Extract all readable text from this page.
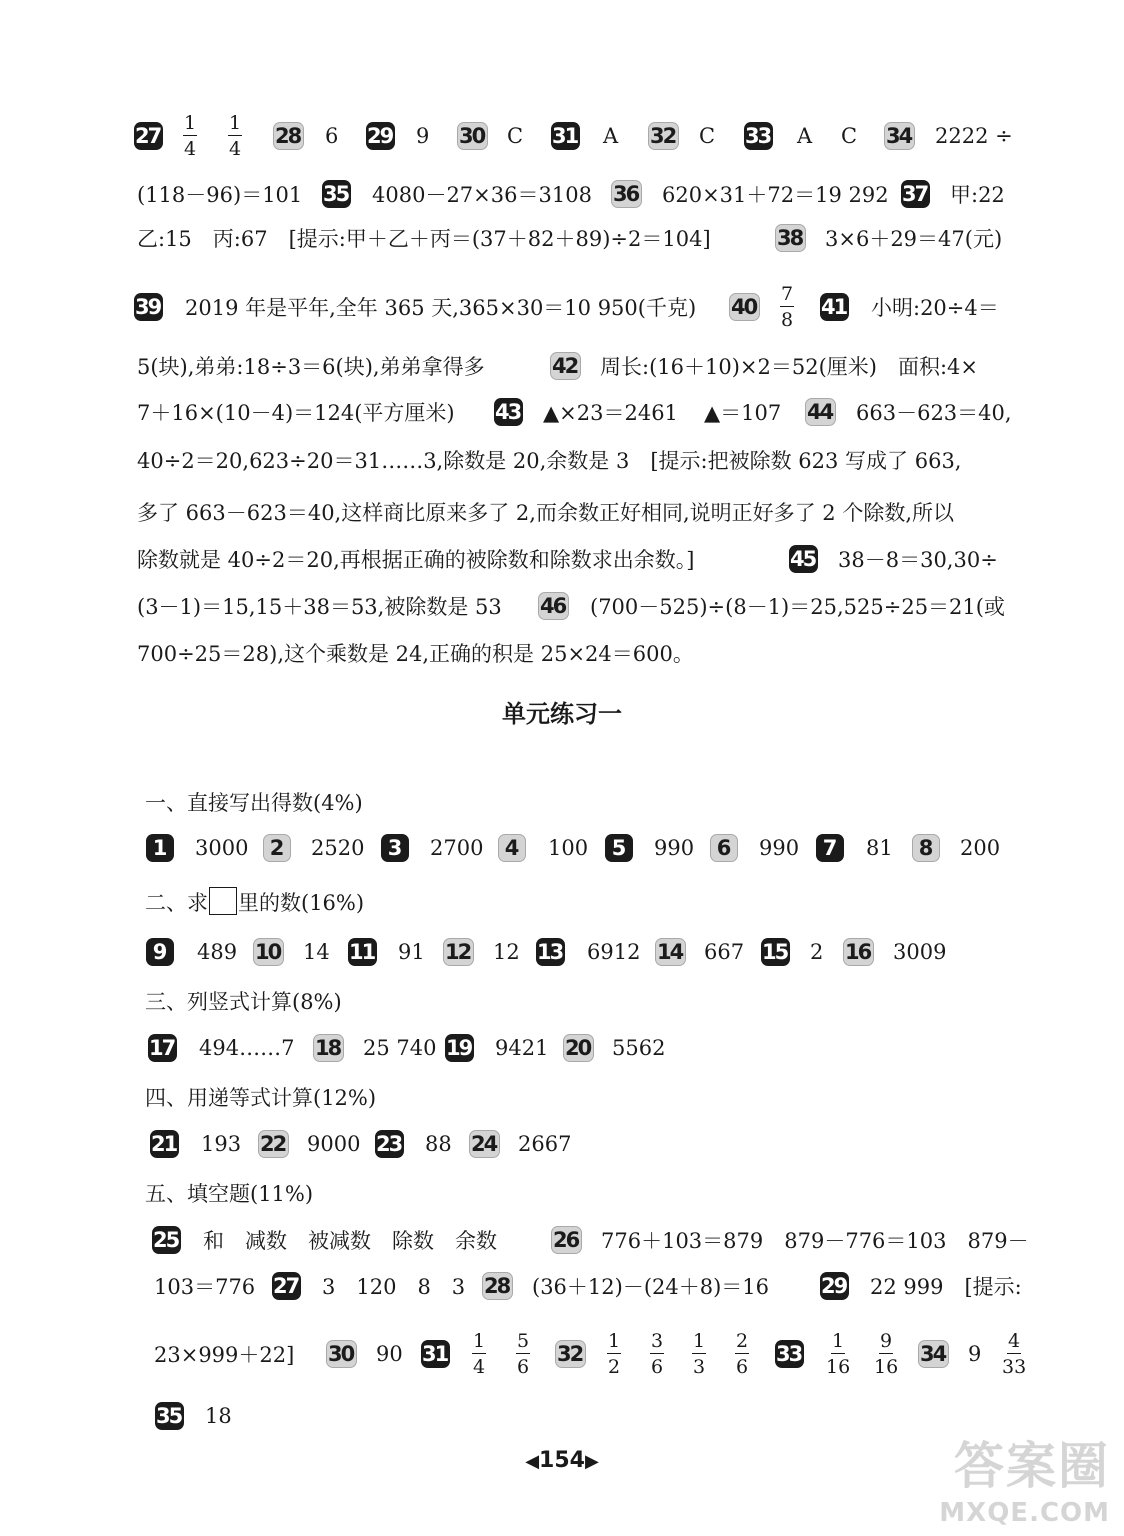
$27 \frac{1}{4} \frac{1}{4} 28$ 6 29 9 30 C 31 A 32 C 33 A C 34 2222 ÷
(118－96)＝101 35 4080－27×36＝3108 36 620×31＋72＝19 292 37 甲:22
乙:15　丙:67　[提示:甲＋乙＋丙＝(37＋82＋89)÷2＝104]	38 3×6＋29＝47(元)
39 2019 年是平年,全年 365 天,365×30＝10 950(千克) $40 \frac{7}{8} 41$ 小明:20÷4＝
5(块),弟弟:18÷3＝6(块),弟弟拿得多	42 周长:(16＋10)×2＝52(厘米)　面积:4×
7＋16×(10－4)＝124(平方厘米) 43 ▲×23＝2461 ▲＝107 44 663－623＝40,
40÷2＝20,623÷20＝31……3,除数是 20,余数是 3　[提示:把被除数 623 写成了 663,
多了 663－623＝40,这样商比原来多了 2,而余数正好相同,说明正好多了 2 个除数,所以
除数就是 40÷2＝20,再根据正确的被除数和除数求出余数。]	45 38－8＝30,30÷
(3－1)＝15,15＋38＝53,被除数是 53 46 (700－525)÷(8－1)＝25,525÷25＝21(或
700÷25＝28),这个乘数是 24,正确的积是 25×24＝600。
单元练习一
一、直接写出得数(4%)
1	3000	2	2520	3	2700	4	100	5	990	6	990	7	81	8	200
二、求 里的数(16%)
9	489 10 14 11 91 12 12 13 6912 14 667 15 2 16 3009
三、列竖式计算(8%)
17 494……7 18 25 740 19 9421 20 5562
四、用递等式计算(12%)
21 193 22 9000 23 88 24 2667
五、填空题(11%)
25 和　减数　被减数　除数　余数	26 776＋103＝879　879－776＝103　879－
103＝776 27 3　120　8　3 28 (36＋12)－(24＋8)＝16 29 22 999　[提示:
23×999＋22] 30 90 $31 \frac{1}{4} \frac{5}{6} 32 \frac{1}{2} \frac{3}{6} \frac{1}{3} \frac{2}{6} 33 \frac{1}{16} \frac{9}{16} 34$ $9 \frac{4}{33}$
35 18
◀154▶	答案圈
MXQE.COM
